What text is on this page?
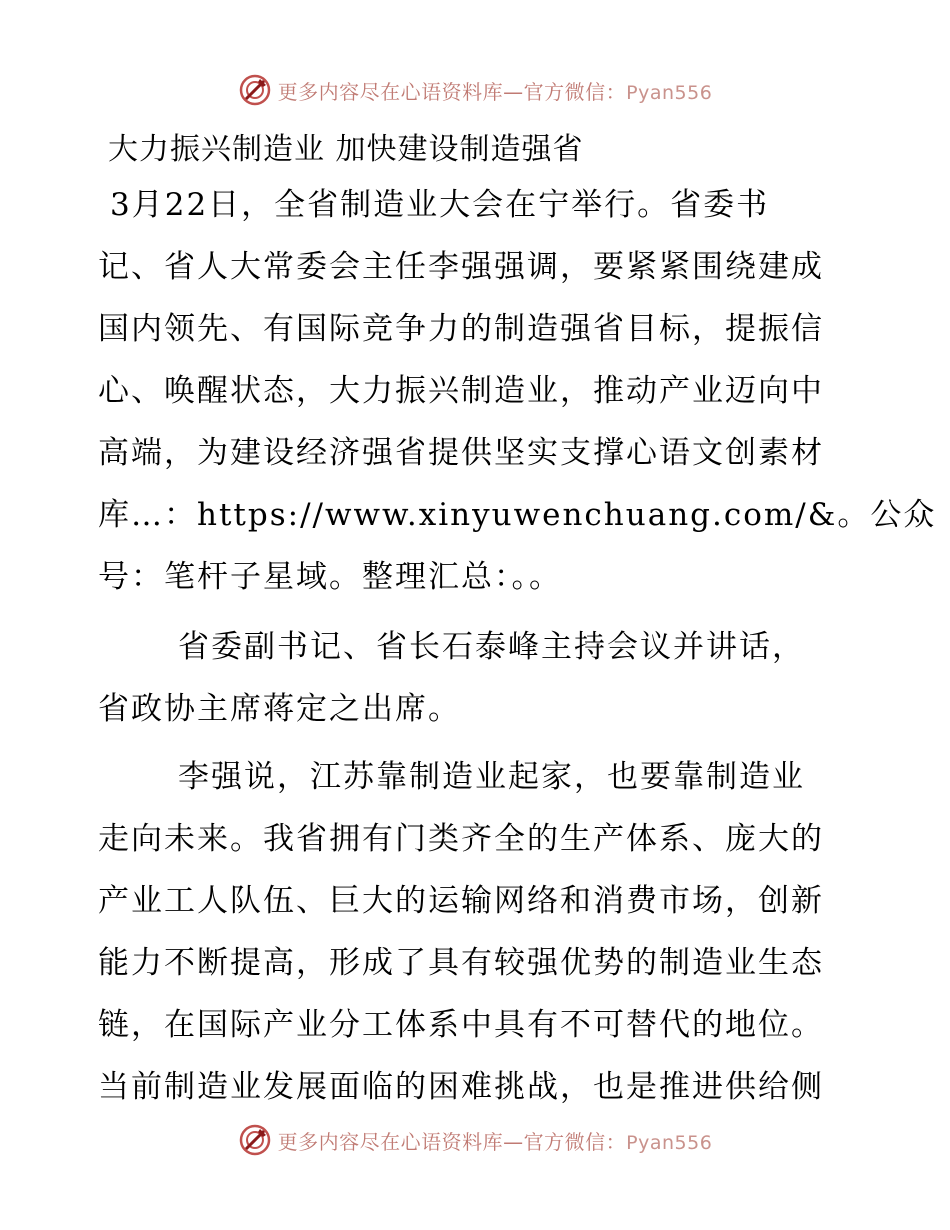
更多内容尽在心语资料库—官方微信：Pyan556
大力振兴制造业 加快建设制造强省
3月22日，全省制造业大会在宁举行。省委书
记、省人大常委会主任李强强调，要紧紧围绕建成
国内领先、有国际竞争力的制造强省目标，提振信
心、唤醒状态，大力振兴制造业，推动产业迈向中
高端，为建设经济强省提供坚实支撑心语文创素材
库…：https://www.xinyuwenchuang.com/&。公众
号：笔杆子星域。整理汇总：。。
省委副书记、省长石泰峰主持会议并讲话，
省政协主席蒋定之出席。
李强说，江苏靠制造业起家，也要靠制造业
走向未来。我省拥有门类齐全的生产体系、庞大的
产业工人队伍、巨大的运输网络和消费市场，创新
能力不断提高，形成了具有较强优势的制造业生态
链，在国际产业分工体系中具有不可替代的地位。
当前制造业发展面临的困难挑战，也是推进供给侧
更多内容尽在心语资料库—官方微信：Pyan556
